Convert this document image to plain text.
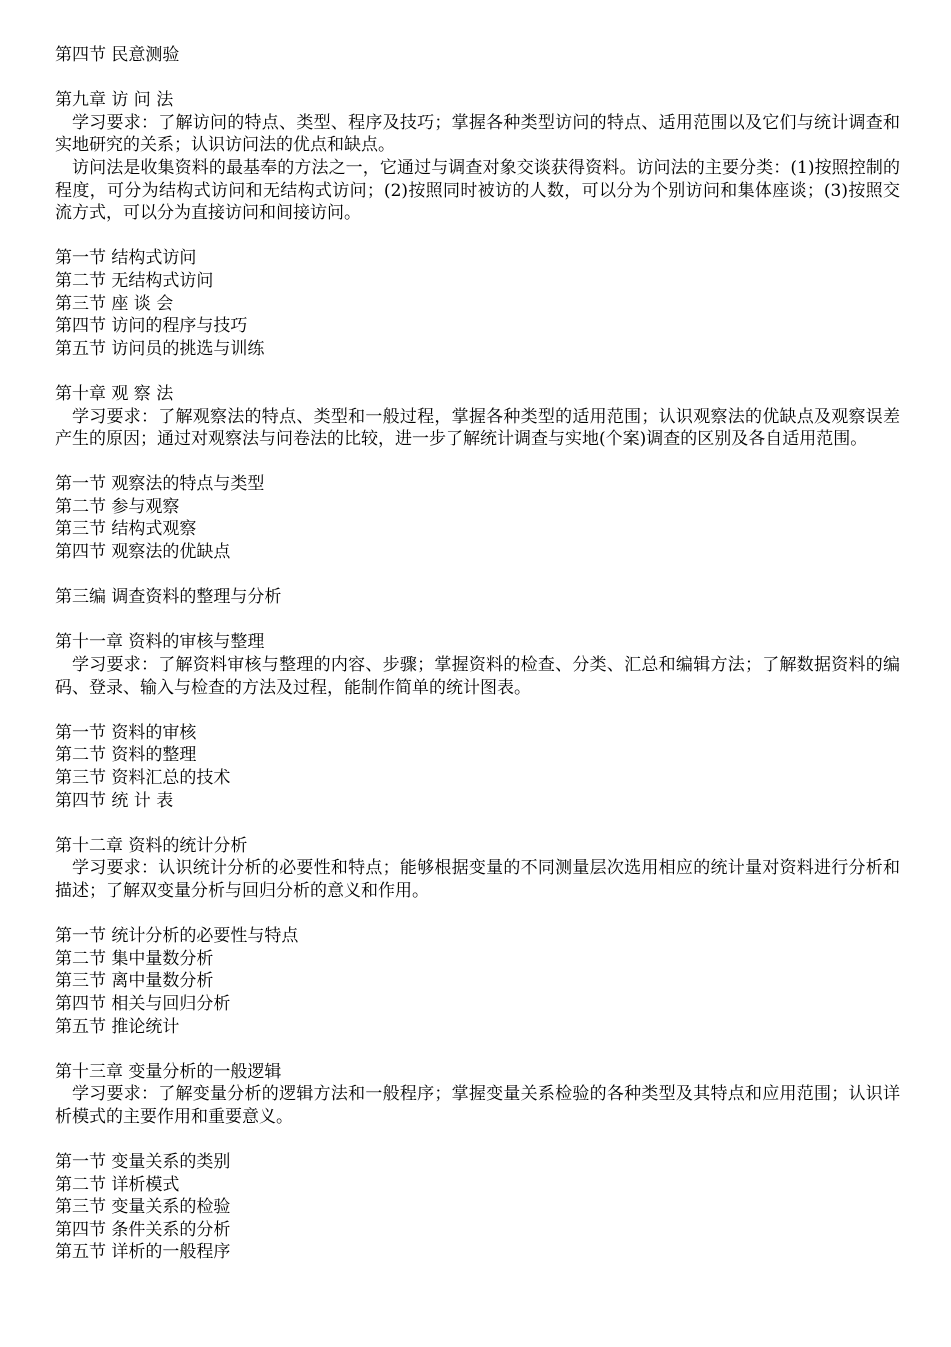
第四节 民意测验
第九章 访 问 法
学习要求：了解访问的特点、类型、程序及技巧；掌握各种类型访问的特点、适用范围以及它们与统计调查和实地研究的关系；认识访问法的优点和缺点。
访问法是收集资料的最基奉的方法之一，它通过与调查对象交谈获得资料。访问法的主要分类：(1)按照控制的程度，可分为结构式访问和无结构式访问；(2)按照同时被访的人数，可以分为个别访问和集体座谈；(3)按照交流方式，可以分为直接访问和间接访问。
第一节 结构式访问
第二节 无结构式访问
第三节 座 谈 会
第四节 访问的程序与技巧
第五节 访问员的挑选与训练
第十章 观 察 法
学习要求：了解观察法的特点、类型和一般过程，掌握各种类型的适用范围；认识观察法的优缺点及观察误差产生的原因；通过对观察法与问卷法的比较，进一步了解统计调查与实地(个案)调查的区别及各自适用范围。
第一节 观察法的特点与类型
第二节 参与观察
第三节 结构式观察
第四节 观察法的优缺点
第三编 调查资料的整理与分析
第十一章 资料的审核与整理
学习要求：了解资料审核与整理的内容、步骤；掌握资料的检查、分类、汇总和编辑方法；了解数据资料的编码、登录、输入与检查的方法及过程，能制作简单的统计图表。
第一节 资料的审核
第二节 资料的整理
第三节 资料汇总的技术
第四节 统 计 表
第十二章 资料的统计分析
学习要求：认识统计分析的必要性和特点；能够根据变量的不同测量层次选用相应的统计量对资料进行分析和描述；了解双变量分析与回归分析的意义和作用。
第一节 统计分析的必要性与特点
第二节 集中量数分析
第三节 离中量数分析
第四节 相关与回归分析
第五节 推论统计
第十三章 变量分析的一般逻辑
学习要求：了解变量分析的逻辑方法和一般程序；掌握变量关系检验的各种类型及其特点和应用范围；认识详析模式的主要作用和重要意义。
第一节 变量关系的类别
第二节 详析模式
第三节 变量关系的检验
第四节 条件关系的分析
第五节 详析的一般程序
